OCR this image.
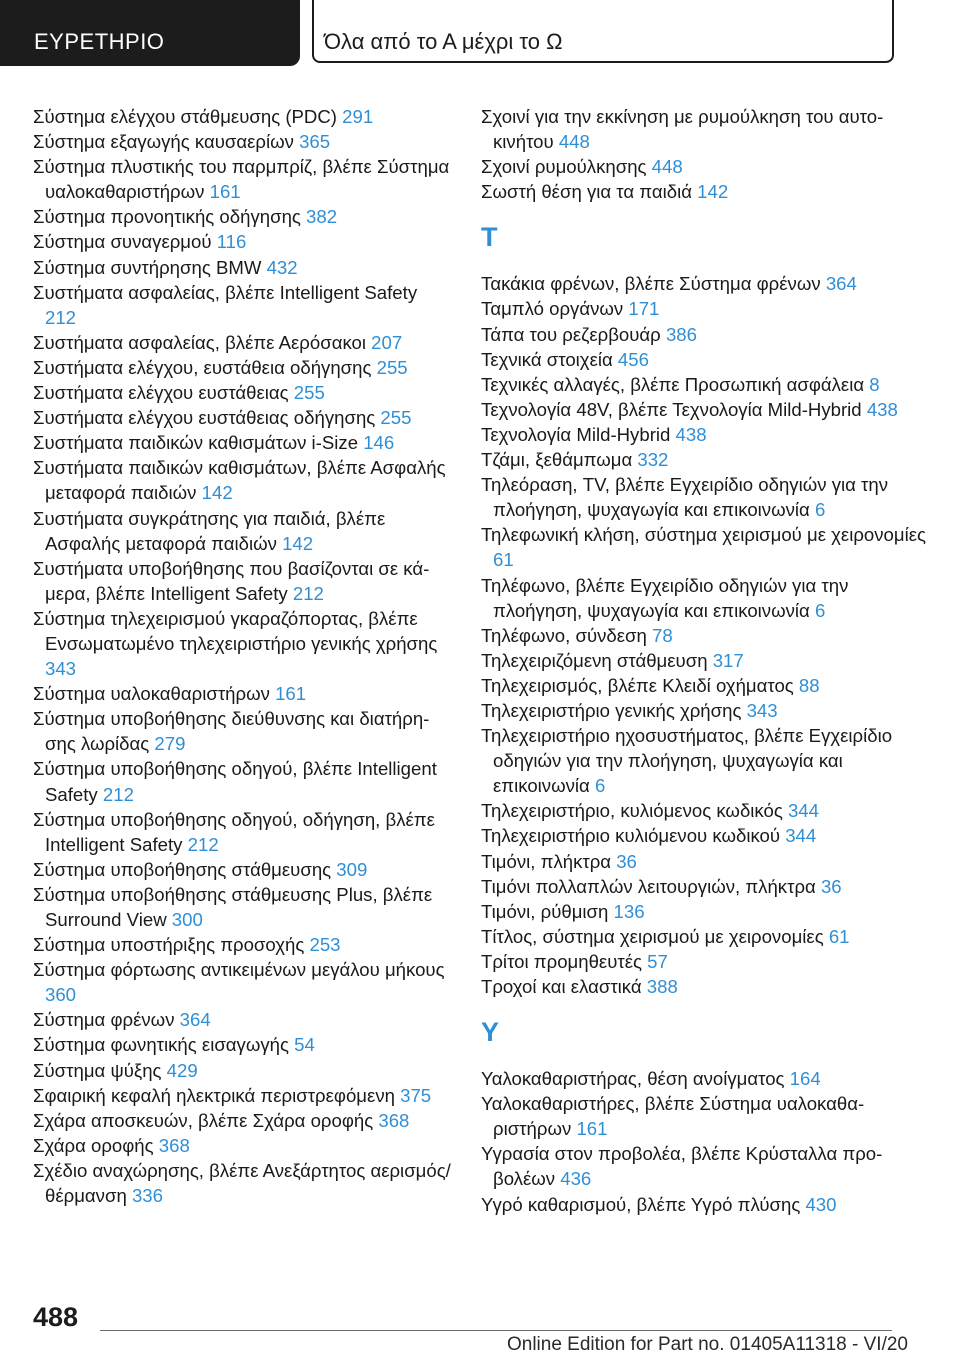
ΕΥΡΕΤΗΡΙΟ	Όλα από το Α μέχρι το Ω
Σύστημα ελέγχου στάθμευσης (PDC) 291
Σύστημα εξαγωγής καυσαερίων 365
Σύστημα πλυστικής του παρμπρίζ, βλέπε Σύστημα υαλοκαθαριστήρων 161
Σύστημα προνοητικής οδήγησης 382
Σύστημα συναγερμού 116
Σύστημα συντήρησης BMW 432
Συστήματα ασφαλείας, βλέπε Intelligent Safety 212
Συστήματα ασφαλείας, βλέπε Αερόσακοι 207
Συστήματα ελέγχου, ευστάθεια οδήγησης 255
Συστήματα ελέγχου ευστάθειας 255
Συστήματα ελέγχου ευστάθειας οδήγησης 255
Συστήματα παιδικών καθισμάτων i-Size 146
Συστήματα παιδικών καθισμάτων, βλέπε Ασφαλής μεταφορά παιδιών 142
Συστήματα συγκράτησης για παιδιά, βλέπε Ασφαλής μεταφορά παιδιών 142
Συστήματα υποβοήθησης που βασίζονται σε κάμερα, βλέπε Intelligent Safety 212
Σύστημα τηλεχειρισμού γκαραζόπορτας, βλέπε Ενσωματωμένο τηλεχειριστήριο γενικής χρήσης 343
Σύστημα υαλοκαθαριστήρων 161
Σύστημα υποβοήθησης διεύθυνσης και διατήρησης λωρίδας 279
Σύστημα υποβοήθησης οδηγού, βλέπε Intelligent Safety 212
Σύστημα υποβοήθησης οδηγού, οδήγηση, βλέπε Intelligent Safety 212
Σύστημα υποβοήθησης στάθμευσης 309
Σύστημα υποβοήθησης στάθμευσης Plus, βλέπε Surround View 300
Σύστημα υποστήριξης προσοχής 253
Σύστημα φόρτωσης αντικειμένων μεγάλου μήκους 360
Σύστημα φρένων 364
Σύστημα φωνητικής εισαγωγής 54
Σύστημα ψύξης 429
Σφαιρική κεφαλή ηλεκτρικά περιστρεφόμενη 375
Σχάρα αποσκευών, βλέπε Σχάρα οροφής 368
Σχάρα οροφής 368
Σχέδιο αναχώρησης, βλέπε Ανεξάρτητος αερισμός/θέρμανση 336
Σχοινί για την εκκίνηση με ρυμούλκηση του αυτοκινήτου 448
Σχοινί ρυμούλκησης 448
Σωστή θέση για τα παιδιά 142
Τ
Τακάκια φρένων, βλέπε Σύστημα φρένων 364
Ταμπλό οργάνων 171
Τάπα του ρεζερβουάρ 386
Τεχνικά στοιχεία 456
Τεχνικές αλλαγές, βλέπε Προσωπική ασφάλεια 8
Τεχνολογία 48V, βλέπε Τεχνολογία Mild-Hybrid 438
Τεχνολογία Mild-Hybrid 438
Τζάμι, ξεθάμπωμα 332
Τηλεόραση, TV, βλέπε Εγχειρίδιο οδηγιών για την πλοήγηση, ψυχαγωγία και επικοινωνία 6
Τηλεφωνική κλήση, σύστημα χειρισμού με χειρονομίες 61
Τηλέφωνο, βλέπε Εγχειρίδιο οδηγιών για την πλοήγηση, ψυχαγωγία και επικοινωνία 6
Τηλέφωνο, σύνδεση 78
Τηλεχειριζόμενη στάθμευση 317
Τηλεχειρισμός, βλέπε Κλειδί οχήματος 88
Τηλεχειριστήριο γενικής χρήσης 343
Τηλεχειριστήριο ηχοσυστήματος, βλέπε Εγχειρίδιο οδηγιών για την πλοήγηση, ψυχαγωγία και επικοινωνία 6
Τηλεχειριστήριο, κυλιόμενος κωδικός 344
Τηλεχειριστήριο κυλιόμενου κωδικού 344
Τιμόνι, πλήκτρα 36
Τιμόνι πολλαπλών λειτουργιών, πλήκτρα 36
Τιμόνι, ρύθμιση 136
Τίτλος, σύστημα χειρισμού με χειρονομίες 61
Τρίτοι προμηθευτές 57
Τροχοί και ελαστικά 388
Υ
Υαλοκαθαριστήρας, θέση ανοίγματος 164
Υαλοκαθαριστήρες, βλέπε Σύστημα υαλοκαθαριστήρων 161
Υγρασία στον προβολέα, βλέπε Κρύσταλλα προβολέων 436
Υγρό καθαρισμού, βλέπε Υγρό πλύσης 430
488
Online Edition for Part no. 01405A11318 - VI/20
